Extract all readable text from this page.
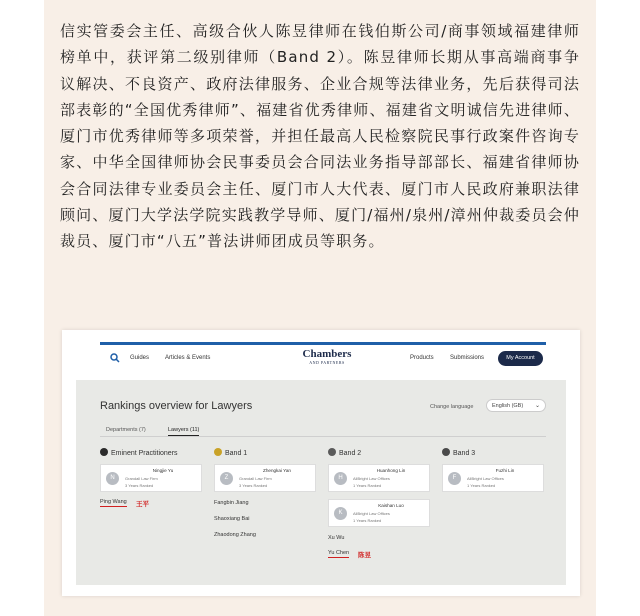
信实管委会主任、高级合伙人陈昱律师在钱伯斯公司/商事领域福建律师榜单中，获评第二级别律师（Band 2）。陈昱律师长期从事高端商事争议解决、不良资产、政府法律服务、企业合规等法律业务，先后获得司法部表彰的“全国优秀律师”、福建省优秀律师、福建省文明诚信先进律师、厦门市优秀律师等多项荣誉，并担任最高人民检察院民事行政案件咨询专家、中华全国律师协会民事委员会合同法业务指导部部长、福建省律师协会合同法律专业委员会主任、厦门市人大代表、厦门市人民政府兼职法律顾问、厦门大学法学院实践教学导师、厦门/福州/泉州/漳州仲裁委员会仲裁员、厦门市“八五”普法讲师团成员等职务。

Guides	Articles & Events	Chambers
AND PARTNERS
Products	Submissions	My Account
Rankings overview for Lawyers	Change language	English (GB) ⌄
Departments (7)	Lawyers (11)
Eminent Practitioners	Band 1	Band 2	Band 3
N
Ningjie Yu
Grandall Law Firm
3 Years Ranked
Z
Zhengkai Yan
Grandall Law Firm
3 Years Ranked
H
Huanhong Lin
AllBright Law Offices
1 Years Ranked
F
Fuzhi Lin
AllBright Law Offices
1 Years Ranked
K
Kaishan Luo
AllBright Law Offices
1 Years Ranked
Ping Wang 王平	Fangbin Jiang
Shaoxiang Bai
Zhaodong Zhang	Xu Wu
Yu Chen 陈昱
